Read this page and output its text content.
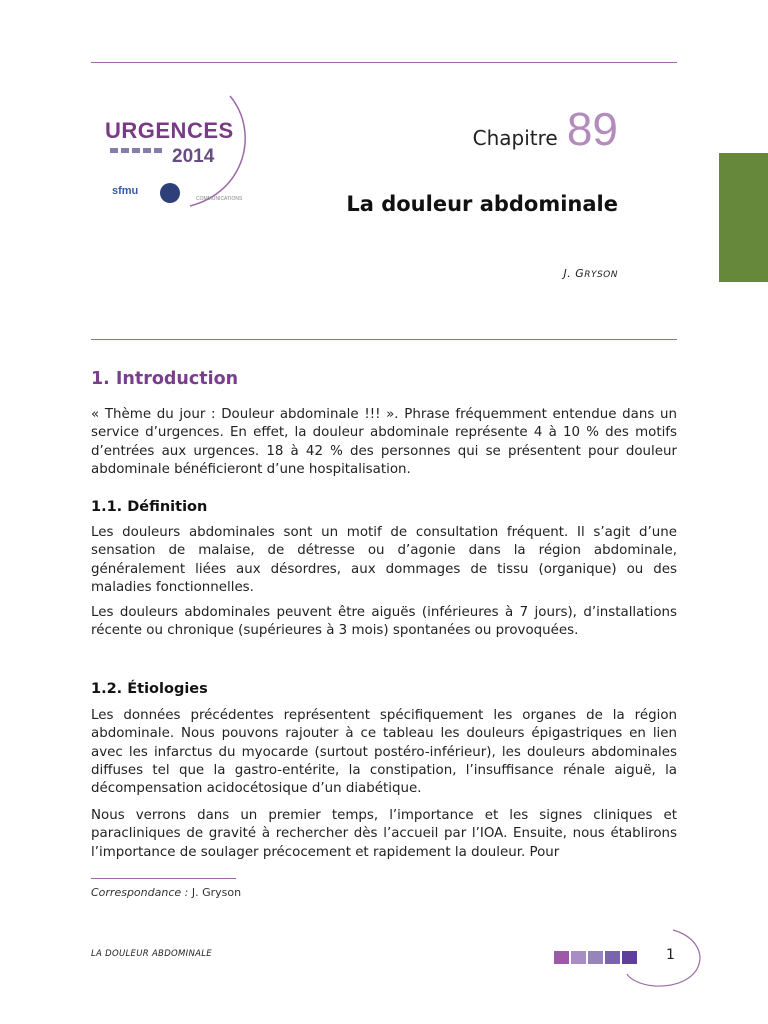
URGENCES
2014
sfmu
COMMUNICATIONS
Chapitre 89
La douleur abdominale
J. GRYSON
1. Introduction

« Thème du jour : Douleur abdominale !!! ». Phrase fréquemment entendue dans un service d’urgences. En effet, la douleur abdominale représente 4 à 10 % des motifs d’entrées aux urgences. 18 à 42 % des personnes qui se présentent pour douleur abdominale bénéficieront d’une hospitalisation.

1.1. Définition

Les douleurs abdominales sont un motif de consultation fréquent. Il s’agit d’une sensation de malaise, de détresse ou d’agonie dans la région abdominale, généralement liées aux désordres, aux dommages de tissu (organique) ou des maladies fonctionnelles.

Les douleurs abdominales peuvent être aiguës (inférieures à 7 jours), d’installations récente ou chronique (supérieures à 3 mois) spontanées ou provoquées.

1.2. Étiologies

Les données précédentes représentent spécifiquement les organes de la région abdominale. Nous pouvons rajouter à ce tableau les douleurs épigastriques en lien avec les infarctus du myocarde (surtout postéro-inférieur), les douleurs abdominales diffuses tel que la gastro-entérite, la constipation, l’insuffisance rénale aiguë, la décompensation acidocétosique d’un diabétique.

Nous verrons dans un premier temps, l’importance et les signes cliniques et paracliniques de gravité à rechercher dès l’accueil par l’IOA. Ensuite, nous établirons l’importance de soulager précocement et rapidement la douleur. Pour

Correspondance : J. Gryson
LA DOULEUR ABDOMINALE	1
